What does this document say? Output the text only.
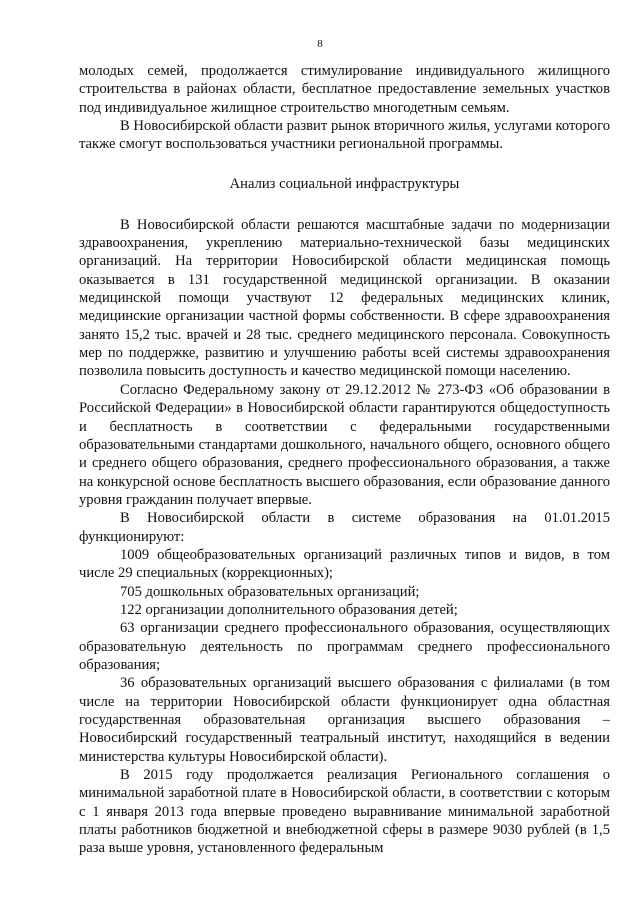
8

молодых семей, продолжается стимулирование индивидуального жилищного строительства в районах области, бесплатное предоставление земельных участков под индивидуальное жилищное строительство многодетным семьям.

В Новосибирской области развит рынок вторичного жилья, услугами которого также смогут воспользоваться участники региональной программы.

Анализ социальной инфраструктуры

В Новосибирской области решаются масштабные задачи по модернизации здравоохранения, укреплению материально-технической базы медицинских организаций. На территории Новосибирской области медицинская помощь оказывается в 131 государственной медицинской организации. В оказании медицинской помощи участвуют 12 федеральных медицинских клиник, медицинские организации частной формы собственности. В сфере здравоохранения занято 15,2 тыс. врачей и 28 тыс. среднего медицинского персонала. Совокупность мер по поддержке, развитию и улучшению работы всей системы здравоохранения позволила повысить доступность и качество медицинской помощи населению.

Согласно Федеральному закону от 29.12.2012 № 273-ФЗ «Об образовании в Российской Федерации» в Новосибирской области гарантируются общедоступность и бесплатность в соответствии с федеральными государственными образовательными стандартами дошкольного, начального общего, основного общего и среднего общего образования, среднего профессионального образования, а также на конкурсной основе бесплатность высшего образования, если образование данного уровня гражданин получает впервые.

В Новосибирской области в системе образования на 01.01.2015 функционируют:

1009 общеобразовательных организаций различных типов и видов, в том числе 29 специальных (коррекционных);

705 дошкольных образовательных организаций;

122 организации дополнительного образования детей;

63 организации среднего профессионального образования, осуществляющих образовательную деятельность по программам среднего профессионального образования;

36 образовательных организаций высшего образования с филиалами (в том числе на территории Новосибирской области функционирует одна областная государственная образовательная организация высшего образования – Новосибирский государственный театральный институт, находящийся в ведении министерства культуры Новосибирской области).

В 2015 году продолжается реализация Регионального соглашения о минимальной заработной плате в Новосибирской области, в соответствии с которым с 1 января 2013 года впервые проведено выравнивание минимальной заработной платы работников бюджетной и внебюджетной сферы в размере 9030 рублей (в 1,5 раза выше уровня, установленного федеральным
